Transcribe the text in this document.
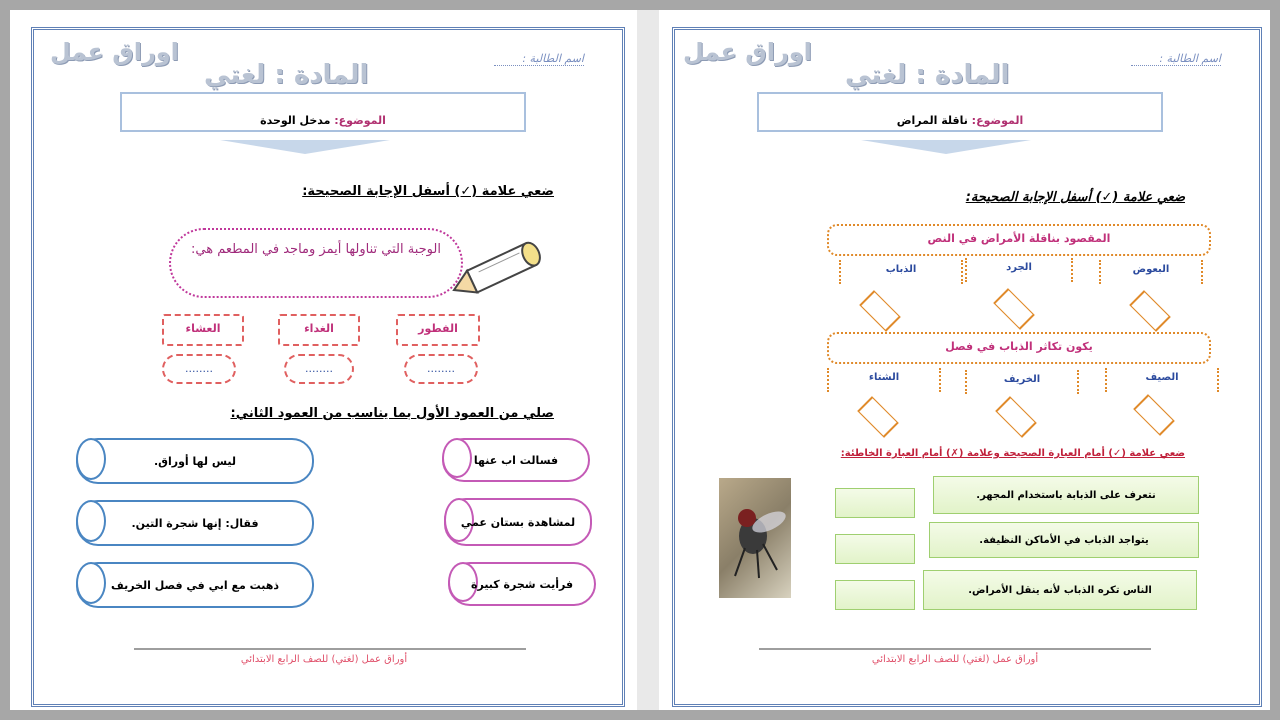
اوراق عمل
المادة : لغتي
اسم الطالبة :
الموضوع: مدخل الوحدة
ضعي علامة (✓) أسفل الإجابة الصحيحة:
الوجبة التي تناولها أيمز وماجد في المطعم هي:
الفطور
الغداء
العشاء
........
........
........
صلي من العمود الأول بما يناسب من العمود الثاني:
فسالت اب عنها
لمشاهدة بستان عمي
فرأيت شجرة كبيرة
ليس لها أوراق.
فقال: إنها شجرة التين.
ذهبت مع ابي في فصل الخريف
أوراق عمل (لغتي) للصف الرابع الابتدائي
اوراق عمل
المادة : لغتي
اسم الطالبة :
الموضوع: ناقلة المراض
ضعي علامة (✓) أسفل الإجابة الصحيحة:
المقصود بناقلة الأمراض في النص
البعوض
الجرد
الذباب
يكون تكاثر الذباب في فصل
الصيف
الخريف
الشتاء
ضعي علامة (✓) أمام العبارة الصحيحة وعلامة (✗) أمام العبارة الخاطئة:
نتعرف على الذبابة باستخدام المجهر.
يتواجد الذباب في الأماكن النظيفة.
الناس تكره الذباب لأنه ينقل الأمراض.
أوراق عمل (لغتي) للصف الرابع الابتدائي
